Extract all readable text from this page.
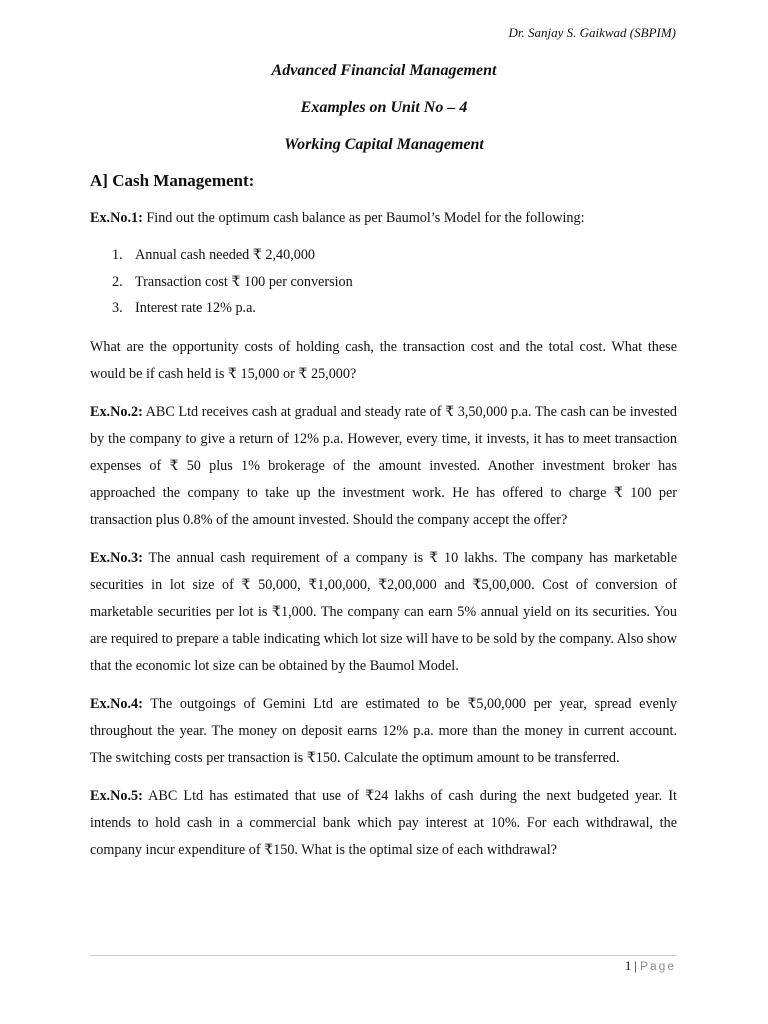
Dr. Sanjay S. Gaikwad (SBPIM)
Advanced Financial Management
Examples on Unit No – 4
Working Capital Management
A] Cash Management:

Ex.No.1: Find out the optimum cash balance as per Baumol’s Model for the following:

1. Annual cash needed ₹ 2,40,000
2. Transaction cost ₹ 100 per conversion
3. Interest rate 12% p.a.

What are the opportunity costs of holding cash, the transaction cost and the total cost. What these would be if cash held is ₹ 15,000 or ₹ 25,000?

Ex.No.2: ABC Ltd receives cash at gradual and steady rate of ₹ 3,50,000 p.a. The cash can be invested by the company to give a return of 12% p.a. However, every time, it invests, it has to meet transaction expenses of ₹ 50 plus 1% brokerage of the amount invested. Another investment broker has approached the company to take up the investment work. He has offered to charge ₹ 100 per transaction plus 0.8% of the amount invested. Should the company accept the offer?

Ex.No.3: The annual cash requirement of a company is ₹ 10 lakhs. The company has marketable securities in lot size of ₹ 50,000, ₹1,00,000, ₹2,00,000 and ₹5,00,000. Cost of conversion of marketable securities per lot is ₹1,000. The company can earn 5% annual yield on its securities. You are required to prepare a table indicating which lot size will have to be sold by the company. Also show that the economic lot size can be obtained by the Baumol Model.

Ex.No.4: The outgoings of Gemini Ltd are estimated to be ₹5,00,000 per year, spread evenly throughout the year. The money on deposit earns 12% p.a. more than the money in current account. The switching costs per transaction is ₹150. Calculate the optimum amount to be transferred.

Ex.No.5: ABC Ltd has estimated that use of ₹24 lakhs of cash during the next budgeted year. It intends to hold cash in a commercial bank which pay interest at 10%. For each withdrawal, the company incur expenditure of ₹150. What is the optimal size of each withdrawal?

1 | Page
